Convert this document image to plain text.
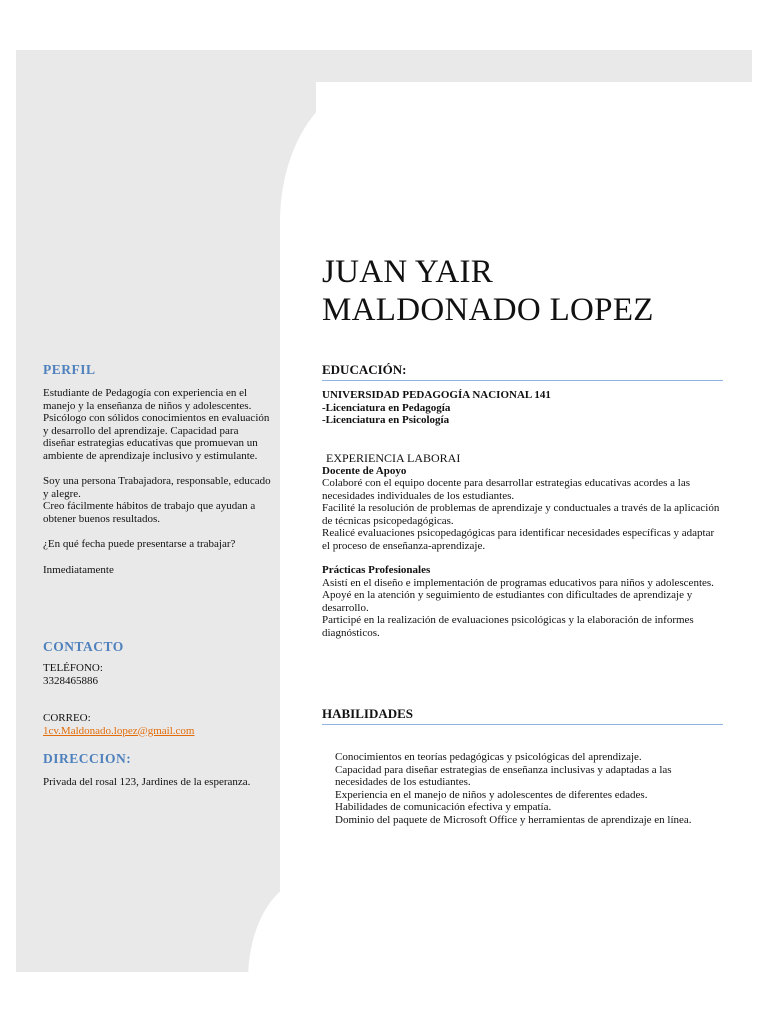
PERFIL

Estudiante de Pedagogía con experiencia en el manejo y la enseñanza de niños y adolescentes. Psicólogo con sólidos conocimientos en evaluación y desarrollo del aprendizaje. Capacidad para diseñar estrategias educativas que promuevan un ambiente de aprendizaje inclusivo y estimulante.

Soy una persona Trabajadora, responsable, educado y alegre.

Creo fácilmente hábitos de trabajo que ayudan a obtener buenos resultados.

¿En qué fecha puede presentarse a trabajar?

Inmediatamente

CONTACTO

TELÉFONO:

3328465886

CORREO:

1cv.Maldonado.lopez@gmail.com

DIRECCION:

Privada del rosal 123, Jardines de la esperanza.

JUAN YAIR
MALDONADO LOPEZ
EDUCACIÓN:

UNIVERSIDAD PEDAGOGÍA NACIONAL 141

-Licenciatura en Pedagogía

-Licenciatura en Psicología

EXPERIENCIA LABORAI

Docente de Apoyo

Colaboré con el equipo docente para desarrollar estrategias educativas acordes a las necesidades individuales de los estudiantes.

Facilité la resolución de problemas de aprendizaje y conductuales a través de la aplicación de técnicas psicopedagógicas.

Realicé evaluaciones psicopedagógicas para identificar necesidades específicas y adaptar el proceso de enseñanza-aprendizaje.

Prácticas Profesionales

Asistí en el diseño e implementación de programas educativos para niños y adolescentes.

Apoyé en la atención y seguimiento de estudiantes con dificultades de aprendizaje y desarrollo.

Participé en la realización de evaluaciones psicológicas y la elaboración de informes diagnósticos.

HABILIDADES

Conocimientos en teorías pedagógicas y psicológicas del aprendizaje.

Capacidad para diseñar estrategias de enseñanza inclusivas y adaptadas a las necesidades de los estudiantes.

Experiencia en el manejo de niños y adolescentes de diferentes edades.

Habilidades de comunicación efectiva y empatía.

Dominio del paquete de Microsoft Office y herramientas de aprendizaje en línea.
